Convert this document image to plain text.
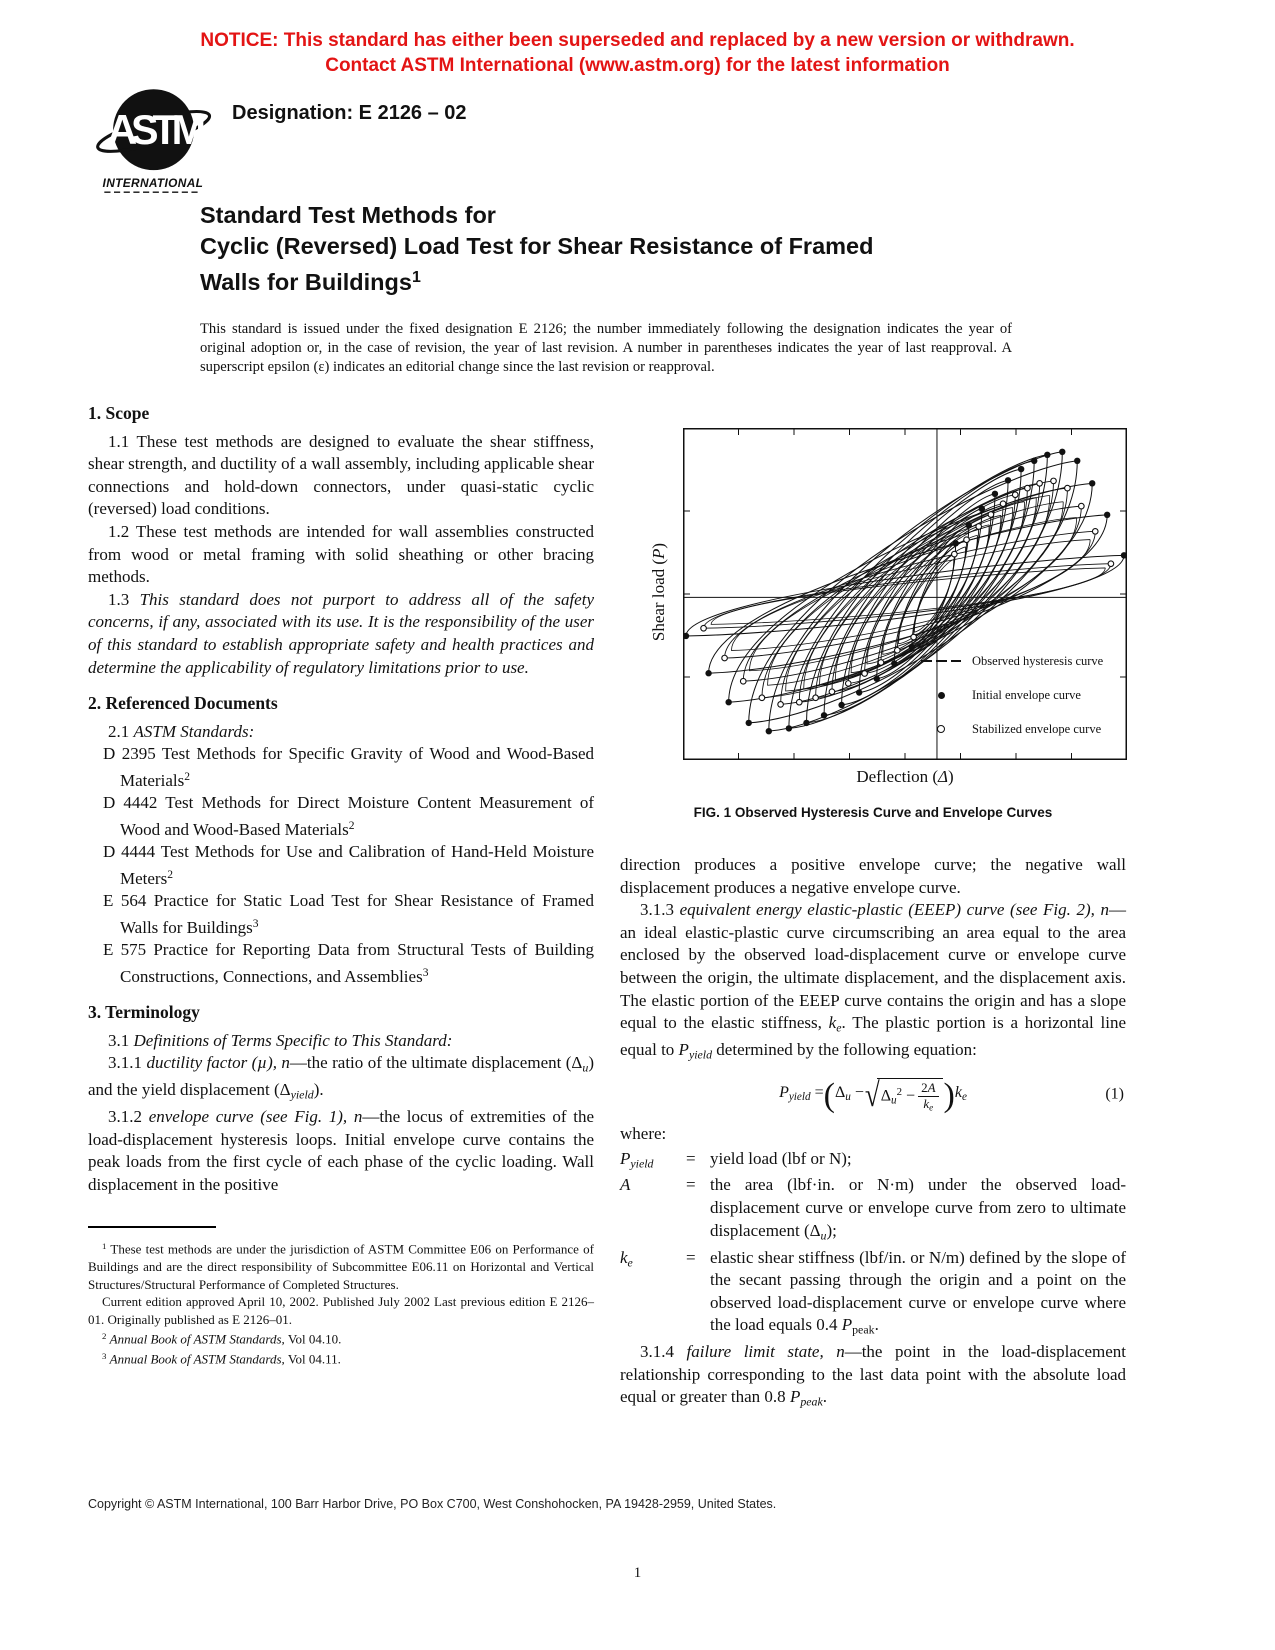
NOTICE: This standard has either been superseded and replaced by a new version or withdrawn.
Contact ASTM International (www.astm.org) for the latest information
ASTM
INTERNATIONAL
Designation: E 2126 – 02
Standard Test Methods for
Cyclic (Reversed) Load Test for Shear Resistance of Framed
Walls for Buildings$^1$
This standard is issued under the fixed designation E 2126; the number immediately following the designation indicates the year of original adoption or, in the case of revision, the year of last revision. A number in parentheses indicates the year of last reapproval. A superscript epsilon (ε) indicates an editorial change since the last revision or reapproval.
1. Scope

1.1 These test methods are designed to evaluate the shear stiffness, shear strength, and ductility of a wall assembly, including applicable shear connections and hold-down connectors, under quasi-static cyclic (reversed) load conditions.

1.2 These test methods are intended for wall assemblies constructed from wood or metal framing with solid sheathing or other bracing methods.

1.3 This standard does not purport to address all of the safety concerns, if any, associated with its use. It is the responsibility of the user of this standard to establish appropriate safety and health practices and determine the applicability of regulatory limitations prior to use.

2. Referenced Documents

2.1 ASTM Standards:

D 2395 Test Methods for Specific Gravity of Wood and Wood-Based Materials$^2$

D 4442 Test Methods for Direct Moisture Content Measurement of Wood and Wood-Based Materials$^2$

D 4444 Test Methods for Use and Calibration of Hand-Held Moisture Meters$^2$

E 564 Practice for Static Load Test for Shear Resistance of Framed Walls for Buildings$^3$

E 575 Practice for Reporting Data from Structural Tests of Building Constructions, Connections, and Assemblies$^3$

3. Terminology

3.1 Definitions of Terms Specific to This Standard:

3.1.1 ductility factor (µ), n—the ratio of the ultimate displacement (Δu) and the yield displacement (Δyield).

3.1.2 envelope curve (see Fig. 1), n—the locus of extremities of the load-displacement hysteresis loops. Initial envelope curve contains the peak loads from the first cycle of each phase of the cyclic loading. Wall displacement in the positive

$^1$ These test methods are under the jurisdiction of ASTM Committee E06 on Performance of Buildings and are the direct responsibility of Subcommittee E06.11 on Horizontal and Vertical Structures/Structural Performance of Completed Structures.

Current edition approved April 10, 2002. Published July 2002 Last previous edition E 2126–01. Originally published as E 2126–01.

$^2$ Annual Book of ASTM Standards, Vol 04.10.

$^3$ Annual Book of ASTM Standards, Vol 04.11.

Shear load (P)
Observed hysteresis curve
Initial envelope curve
Stabilized envelope curve
Deflection (Δ)
FIG. 1 Observed Hysteresis Curve and Envelope Curves

direction produces a positive envelope curve; the negative wall displacement produces a negative envelope curve.

3.1.3 equivalent energy elastic-plastic (EEEP) curve (see Fig. 2), n—an ideal elastic-plastic curve circumscribing an area equal to the area enclosed by the observed load-displacement curve or envelope curve between the origin, the ultimate displacement, and the displacement axis. The elastic portion of the EEEP curve contains the origin and has a slope equal to the elastic stiffness, ke. The plastic portion is a horizontal line equal to Pyield determined by the following equation:

Pyield = ( Δu − √ $\Delta u^2 - \frac{2A}{ke}$ ) ke	(1)
where:
Pyield	= yield load (lbf or N);
A	= the area (lbf·in. or N·m) under the observed load-displacement curve or envelope curve from zero to ultimate displacement (Δu);
ke	= elastic shear stiffness (lbf/in. or N/m) defined by the slope of the secant passing through the origin and a point on the observed load-displacement curve or envelope curve where the load equals 0.4 Ppeak.

3.1.4 failure limit state, n—the point in the load-displacement relationship corresponding to the last data point with the absolute load equal or greater than 0.8 Ppeak.

Copyright © ASTM International, 100 Barr Harbor Drive, PO Box C700, West Conshohocken, PA 19428-2959, United States.
1
